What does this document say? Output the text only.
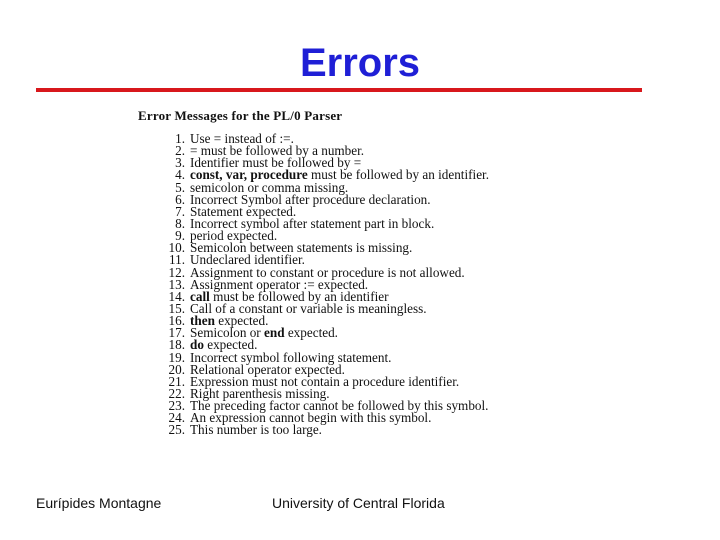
Errors
Error Messages for the PL/0 Parser
1. Use = instead of :=.
2. = must be followed by a number.
3. Identifier must be followed by =
4. const, var, procedure must be followed by an identifier.
5. semicolon or comma missing.
6. Incorrect Symbol after procedure declaration.
7. Statement expected.
8. Incorrect symbol after statement part in block.
9. period expected.
10. Semicolon between statements is missing.
11. Undeclared identifier.
12. Assignment to constant or procedure is not allowed.
13. Assignment operator := expected.
14. call must be followed by an identifier
15. Call of a constant or variable is meaningless.
16. then expected.
17. Semicolon or end expected.
18. do expected.
19. Incorrect symbol following statement.
20. Relational operator expected.
21. Expression must not contain a procedure identifier.
22. Right parenthesis missing.
23. The preceding factor cannot be followed by this symbol.
24. An expression cannot begin with this symbol.
25. This number is too large.
Eurípides Montagne	University of Central Florida
